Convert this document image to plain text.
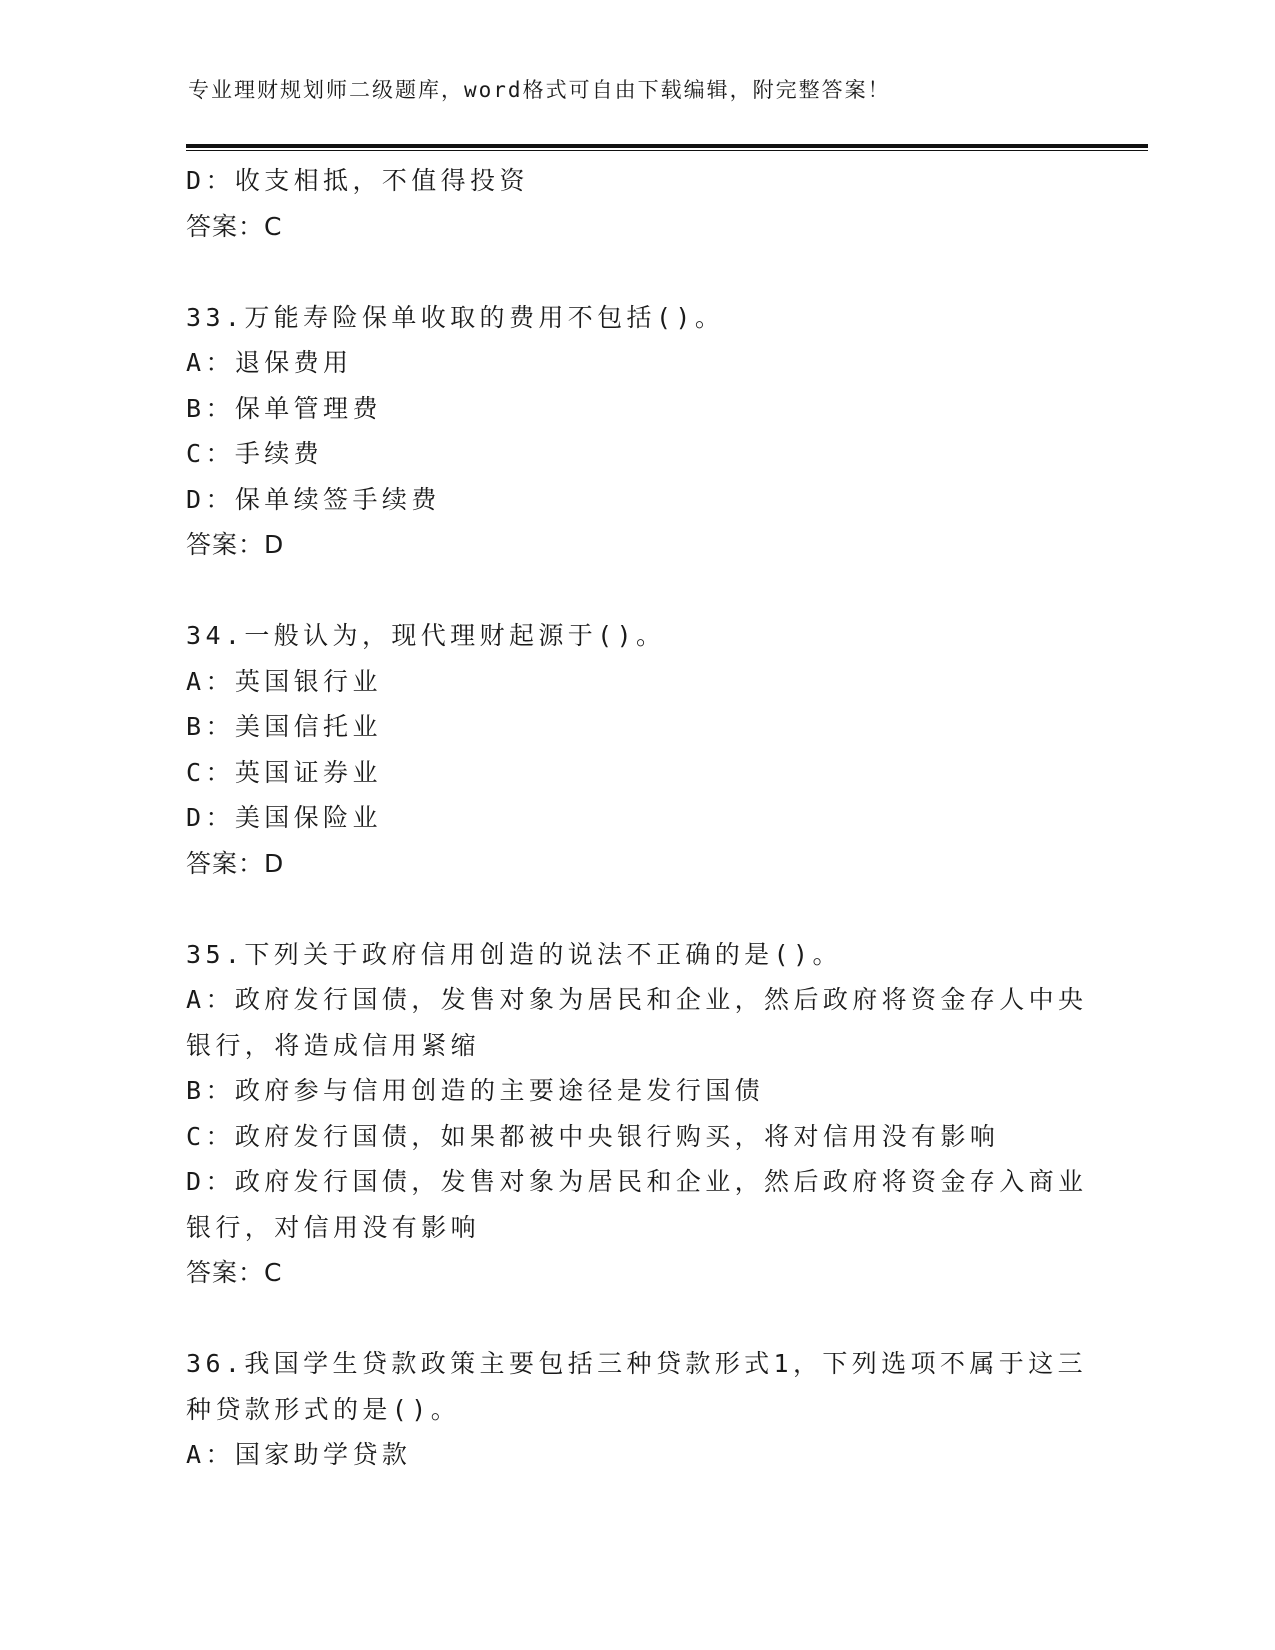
专业理财规划师二级题库，word格式可自由下载编辑，附完整答案！
D：收支相抵，不值得投资
答案：C
33.万能寿险保单收取的费用不包括()。
A：退保费用
B：保单管理费
C：手续费
D：保单续签手续费
答案：D
34.一般认为，现代理财起源于()。
A：英国银行业
B：美国信托业
C：英国证券业
D：美国保险业
答案：D
35.下列关于政府信用创造的说法不正确的是()。
A：政府发行国债，发售对象为居民和企业，然后政府将资金存人中央
银行，将造成信用紧缩
B：政府参与信用创造的主要途径是发行国债
C：政府发行国债，如果都被中央银行购买，将对信用没有影响
D：政府发行国债，发售对象为居民和企业，然后政府将资金存入商业
银行，对信用没有影响
答案：C
36.我国学生贷款政策主要包括三种贷款形式1，下列选项不属于这三
种贷款形式的是()。
A：国家助学贷款
